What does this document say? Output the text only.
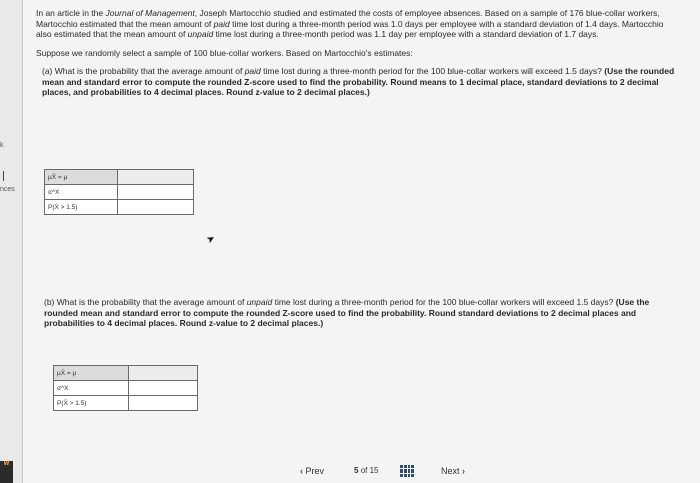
k
nces
W

In an article in the Journal of Management, Joseph Martocchio studied and estimated the costs of employee absences. Based on a sample of 176 blue-collar workers, Martocchio estimated that the mean amount of paid time lost during a three-month period was 1.0 days per employee with a standard deviation of 1.4 days. Martocchio also estimated that the mean amount of unpaid time lost during a three-month period was 1.1 day per employee with a standard deviation of 1.7 days.

Suppose we randomly select a sample of 100 blue-collar workers. Based on Martocchio's estimates:

(a) What is the probability that the average amount of paid time lost during a three-month period for the 100 blue-collar workers will exceed 1.5 days? (Use the rounded mean and standard error to compute the rounded Z-score used to find the probability. Round means to 1 decimal place, standard deviations to 2 decimal places, and probabilities to 4 decimal places. Round z-value to 2 decimal places.)

μX̄ = μ	
σ^X	
P(X̄ > 1.5)	
➤

(b) What is the probability that the average amount of unpaid time lost during a three-month period for the 100 blue-collar workers will exceed 1.5 days? (Use the rounded mean and standard error to compute the rounded Z-score used to find the probability. Round standard deviations to 2 decimal places and probabilities to 4 decimal places. Round z-value to 2 decimal places.)

μX̄ = μ	
σ^X	
P(X̄ > 1.5)	
‹ Prev	5 of 15	Next ›
